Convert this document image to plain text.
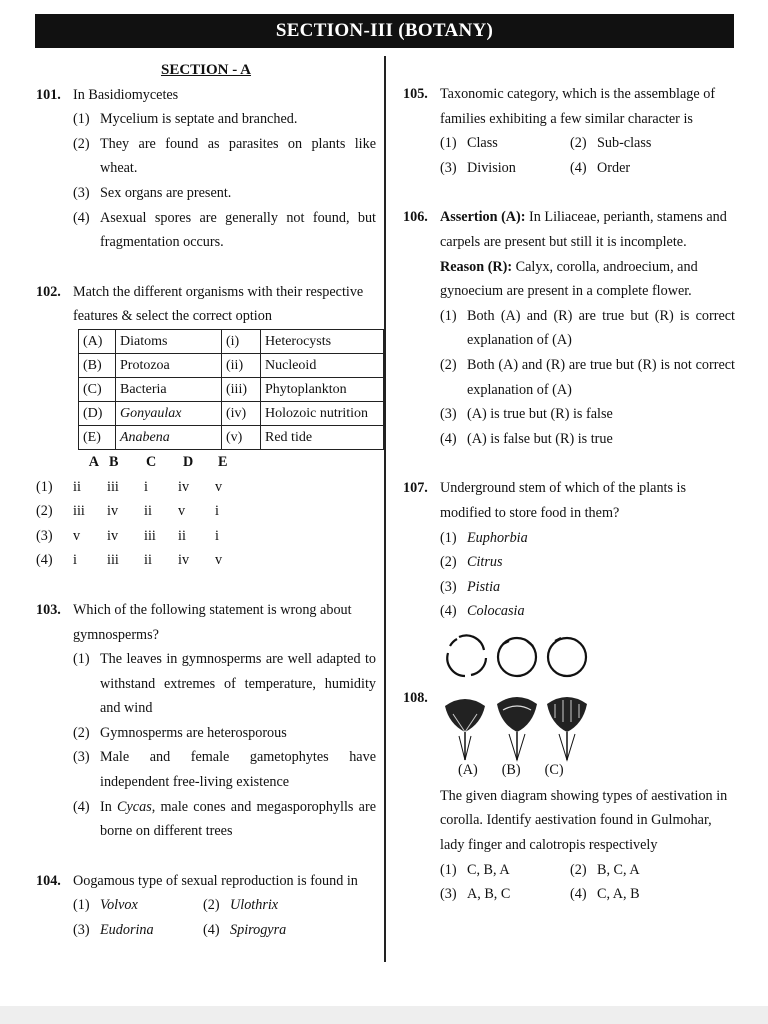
SECTION-III (BOTANY)
SECTION - A
101. In Basidiomycetes
(1) Mycelium is septate and branched.
(2) They are found as parasites on plants like wheat.
(3) Sex organs are present.
(4) Asexual spores are generally not found, but fragmentation occurs.
102. Match the different organisms with their respective features & select the correct option
(A)	Diatoms	(i)	Heterocysts
(B)	Protozoa	(ii)	Nucleoid
(C)	Bacteria	(iii)	Phytoplankton
(D)	Gonyaulax	(iv)	Holozoic nutrition
(E)	Anabena	(v)	Red tide
A B	C	D	E
(1)	ii	iii	i	iv	v
(2)	iii	iv	ii	v	i
(3)	v	iv	iii	ii	i
(4)	i	iii	ii	iv	v
103. Which of the following statement is wrong about gymnosperms?
(1) The leaves in gymnosperms are well adapted to withstand extremes of temperature, humidity and wind
(2) Gymnosperms are heterosporous
(3) Male and female gametophytes have independent free-living existence
(4) In Cycas, male cones and megasporophylls are borne on different trees
104. Oogamous type of sexual reproduction is found in
(1) Volvox	(2) Ulothrix
(3) Eudorina	(4) Spirogyra
105. Taxonomic category, which is the assemblage of families exhibiting a few similar character is
(1) Class	(2) Sub-class
(3) Division	(4) Order
106. Assertion (A): In Liliaceae, perianth, stamens and carpels are present but still it is incomplete.
Reason (R): Calyx, corolla, androecium, and gynoecium are present in a complete flower.
(1) Both (A) and (R) are true but (R) is correct explanation of (A)
(2) Both (A) and (R) are true but (R) is not correct explanation of (A)
(3) (A) is true but (R) is false
(4) (A) is false but (R) is true
107. Underground stem of which of the plants is modified to store food in them?
(1) Euphorbia
(2) Citrus
(3) Pistia
(4) Colocasia
108.
(A) (B) (C)
The given diagram showing types of aestivation in corolla. Identify aestivation found in Gulmohar, lady finger and calotropis respectively
(1) C, B, A	(2) B, C, A
(3) A, B, C	(4) C, A, B
